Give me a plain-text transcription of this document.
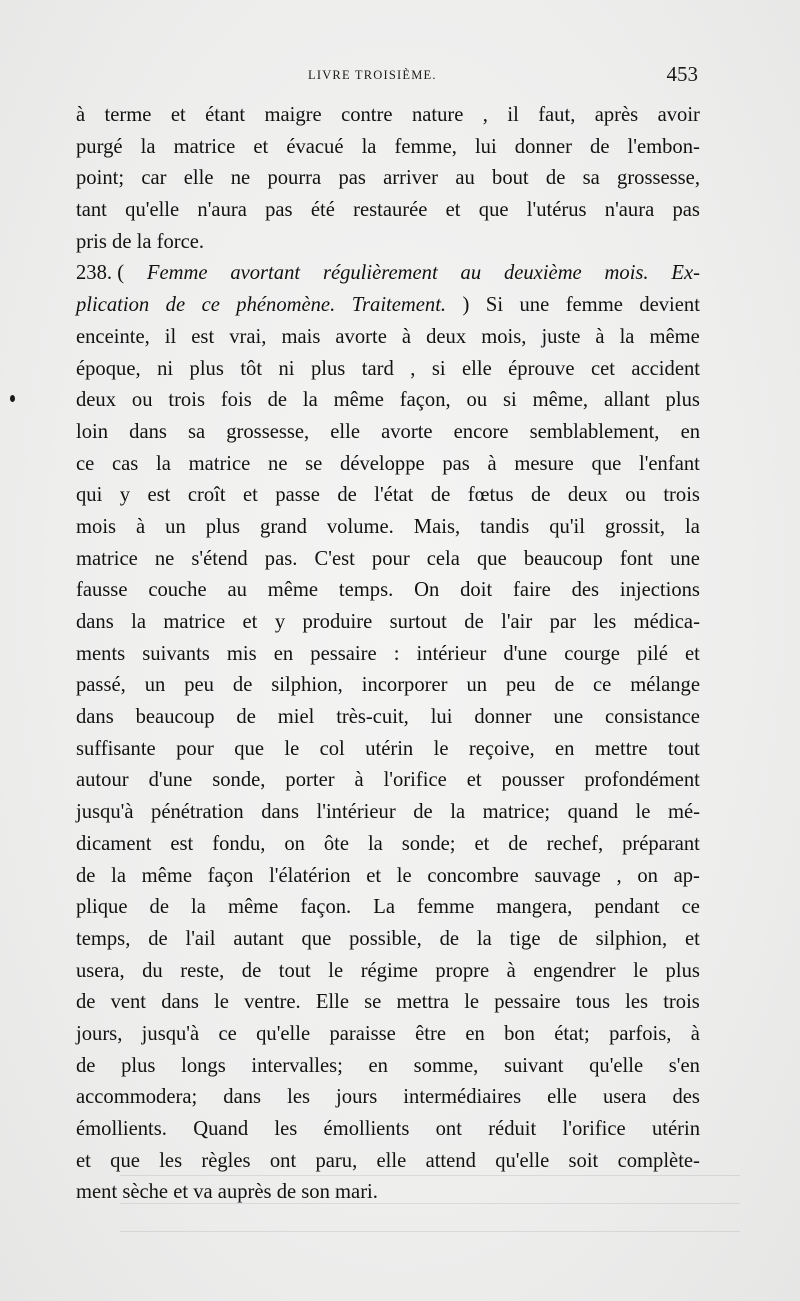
LIVRE TROISIÈME.	453
à terme et étant maigre contre nature , il faut, après avoir
purgé la matrice et évacué la femme, lui donner de l'embon-
point; car elle ne pourra pas arriver au bout de sa grossesse,
tant qu'elle n'aura pas été restaurée et que l'utérus n'aura pas
pris de la force.
238. ( Femme avortant régulièrement au deuxième mois. Ex-
plication de ce phénomène. Traitement. ) Si une femme devient
enceinte, il est vrai, mais avorte à deux mois, juste à la même
époque, ni plus tôt ni plus tard , si elle éprouve cet accident
deux ou trois fois de la même façon, ou si même, allant plus
loin dans sa grossesse, elle avorte encore semblablement, en
ce cas la matrice ne se développe pas à mesure que l'enfant
qui y est croît et passe de l'état de fœtus de deux ou trois
mois à un plus grand volume. Mais, tandis qu'il grossit, la
matrice ne s'étend pas. C'est pour cela que beaucoup font une
fausse couche au même temps. On doit faire des injections
dans la matrice et y produire surtout de l'air par les médica-
ments suivants mis en pessaire : intérieur d'une courge pilé et
passé, un peu de silphion, incorporer un peu de ce mélange
dans beaucoup de miel très-cuit, lui donner une consistance
suffisante pour que le col utérin le reçoive, en mettre tout
autour d'une sonde, porter à l'orifice et pousser profondément
jusqu'à pénétration dans l'intérieur de la matrice; quand le mé-
dicament est fondu, on ôte la sonde; et de rechef, préparant
de la même façon l'élatérion et le concombre sauvage , on ap-
plique de la même façon. La femme mangera, pendant ce
temps, de l'ail autant que possible, de la tige de silphion, et
usera, du reste, de tout le régime propre à engendrer le plus
de vent dans le ventre. Elle se mettra le pessaire tous les trois
jours, jusqu'à ce qu'elle paraisse être en bon état; parfois, à
de plus longs intervalles; en somme, suivant qu'elle s'en
accommodera; dans les jours intermédiaires elle usera des
émollients. Quand les émollients ont réduit l'orifice utérin
et que les règles ont paru, elle attend qu'elle soit complète-
ment sèche et va auprès de son mari.
